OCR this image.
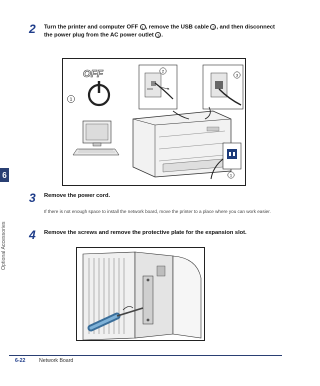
6
Optional Accessories
2	Turn the printer and computer OFF 1 , remove the USB cable 2 , and then disconnect the power plug from the AC power outlet 3 .
OFF
1
2
3
1
3	Remove the power cord.
If there is not enough space to install the network board, move the printer to a place where you can work easier.
4	Remove the screws and remove the protective plate for the expansion slot.
6-22	Network Board
